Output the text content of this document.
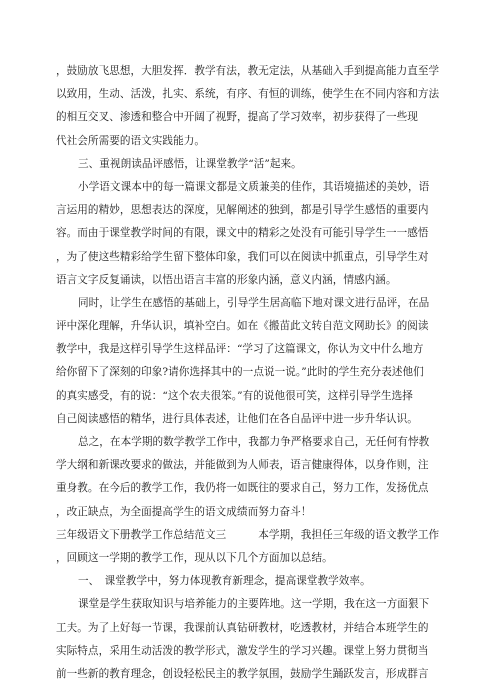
，鼓励放飞思想，大胆发挥．教学有法，教无定法，从基础入手到提高能力直至学
以致用，生动、活泼，扎实、系统，有序、有恒的训练，使学生在不同内容和方法
的相互交叉、渗透和整合中开阔了视野，提高了学习效率，初步获得了一些现
代社会所需要的语文实践能力。
三、重视朗读品评感悟，让课堂教学“活”起来。
小学语文课本中的每一篇课文都是文质兼美的佳作，其语境描述的美妙，语
言运用的精妙，思想表达的深度，见解阐述的独到，都是引导学生感悟的重要内
容。而由于课堂教学时间的有限，课文中的精彩之处没有可能引导学生一一感悟
，为了使这些精彩给学生留下整体印象，我们可以在阅读中抓重点，引导学生对
语言文字反复诵读，以悟出语言丰富的形象内涵，意义内涵，情感内涵。
同时，让学生在感悟的基础上，引导学生居高临下地对课文进行品评，在品
评中深化理解，升华认识，填补空白。如在《搬苗此文转自范文网助长》的阅读
教学中，我是这样引导学生这样品评：“学习了这篇课文，你认为文中什么地方
给你留下了深刻的印象?请你选择其中的一点说一说。”此时的学生充分表述他们
的真实感受，有的说：“这个农夫很笨。”有的说他很可笑，这样引导学生选择
自己阅读感悟的精华，进行具体表述，让他们在各自品评中进一步升华认识。
总之，在本学期的数学教学工作中，我都力争严格要求自己，无任何有悖教
学大纲和新课改要求的做法，并能做到为人师表，语言健康得体，以身作则，注
重身教。在今后的教学工作，我仍将一如既往的要求自己，努力工作，发扬优点
，改正缺点，为全面提高学生的语文成绩而努力奋斗！
三年级语文下册教学工作总结范文三　　　本学期，我担任三年级的语文教学工作
，回顾这一学期的教学工作，现从以下几个方面加以总结。
一、　课堂教学中，努力体现教育新理念，提高课堂教学效率。
课堂是学生获取知识与培养能力的主要阵地。这一学期，我在这一方面狠下
工夫。为了上好每一节课，我课前认真钻研教材，吃透教材，并结合本班学生的
实际特点，采用生动活泼的教学形式，激发学生的学习兴趣。课堂上努力贯彻当
前一些新的教育理念，创设轻松民主的教学氛围，鼓励学生踊跃发言，形成群言
